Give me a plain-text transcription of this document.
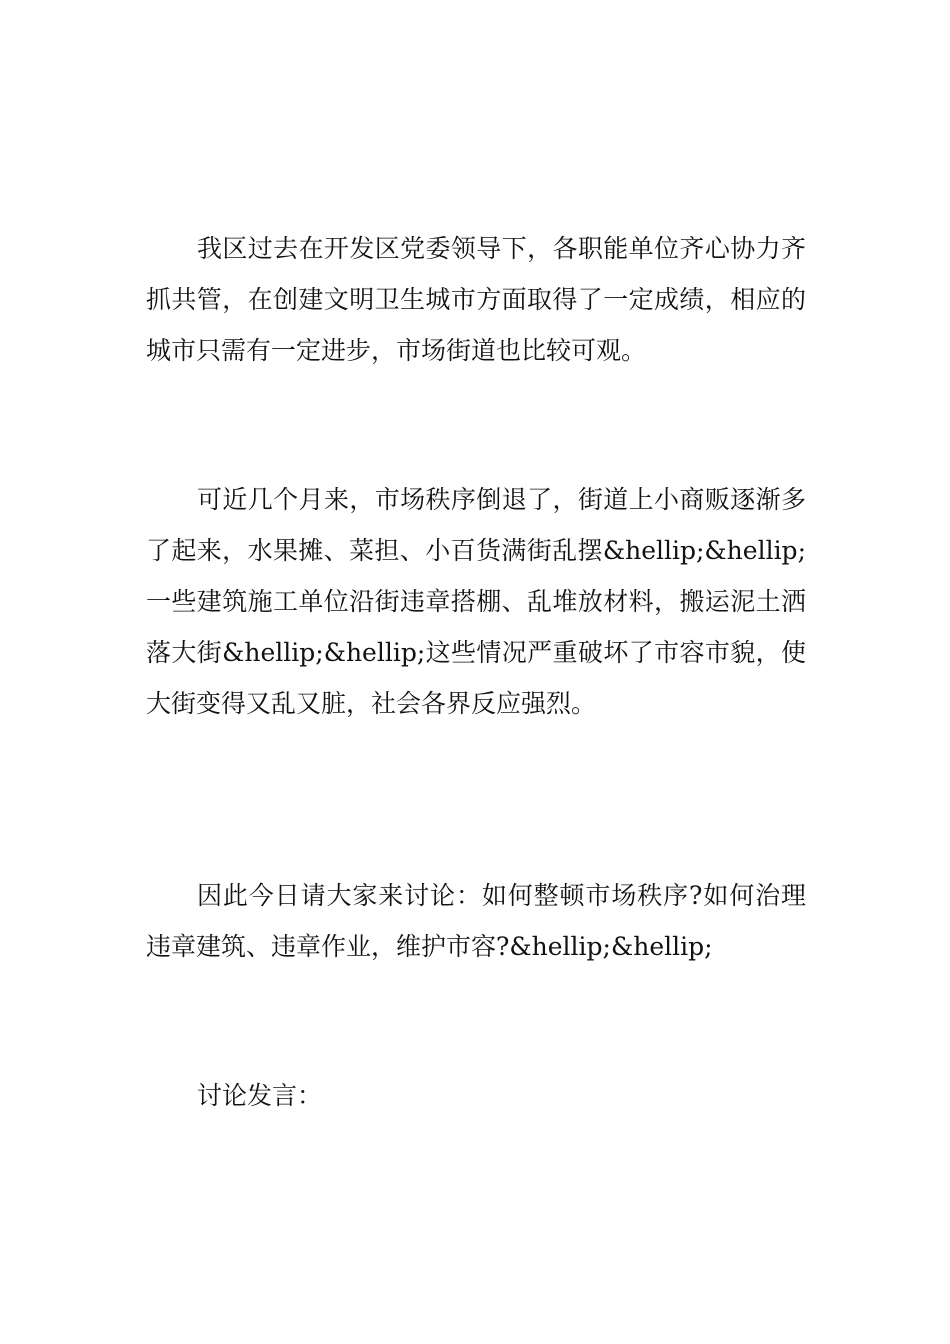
我区过去在开发区党委领导下，各职能单位齐心协力齐抓共管，在创建文明卫生城市方面取得了一定成绩，相应的城市只需有一定进步，市场街道也比较可观。

可近几个月来，市场秩序倒退了，街道上小商贩逐渐多了起来，水果摊、菜担、小百货满街乱摆&hellip;&hellip;一些建筑施工单位沿街违章搭棚、乱堆放材料，搬运泥土洒落大街&hellip;&hellip;这些情况严重破坏了市容市貌，使大街变得又乱又脏，社会各界反应强烈。

因此今日请大家来讨论：如何整顿市场秩序?如何治理违章建筑、违章作业，维护市容?&hellip;&hellip;

讨论发言：
